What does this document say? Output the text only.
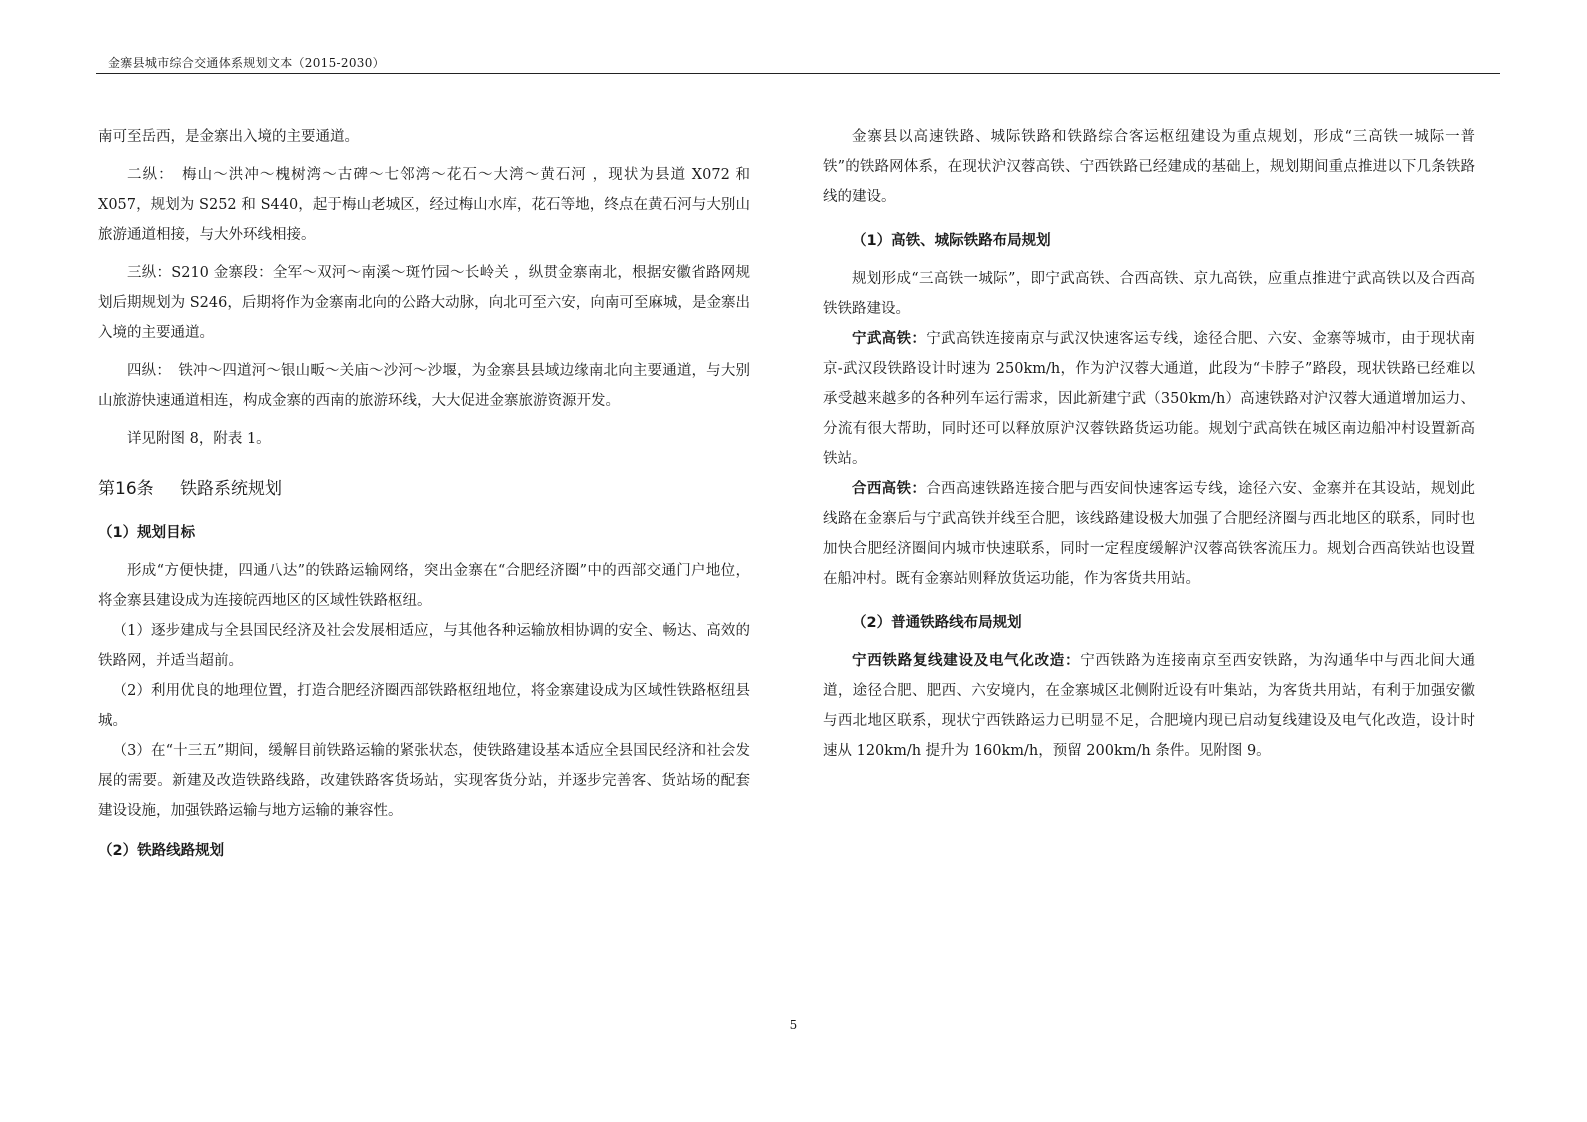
金寨县城市综合交通体系规划文本（2015-2030）

南可至岳西，是金寨出入境的主要通道。

二纵：　梅山～洪冲～槐树湾～古碑～七邻湾～花石～大湾～黄石河 ，现状为县道 X072 和 X057，规划为 S252 和 S440，起于梅山老城区，经过梅山水库，花石等地，终点在黄石河与大别山旅游通道相接，与大外环线相接。

三纵：S210 金寨段：全军～双河～南溪～斑竹园～长岭关 ，纵贯金寨南北，根据安徽省路网规划后期规划为 S246，后期将作为金寨南北向的公路大动脉，向北可至六安，向南可至麻城，是金寨出入境的主要通道。

四纵：　铁冲～四道河～银山畈～关庙～沙河～沙堰，为金寨县县域边缘南北向主要通道，与大别山旅游快速通道相连，构成金寨的西南的旅游环线，大大促进金寨旅游资源开发。

详见附图 8，附表 1。

第16条 铁路系统规划

（1）规划目标

形成“方便快捷，四通八达”的铁路运输网络，突出金寨在“合肥经济圈”中的西部交通门户地位，将金寨县建设成为连接皖西地区的区域性铁路枢纽。

（1）逐步建成与全县国民经济及社会发展相适应，与其他各种运输放相协调的安全、畅达、高效的铁路网，并适当超前。

（2）利用优良的地理位置，打造合肥经济圈西部铁路枢纽地位，将金寨建设成为区域性铁路枢纽县城。

（3）在“十三五”期间，缓解目前铁路运输的紧张状态，使铁路建设基本适应全县国民经济和社会发展的需要。新建及改造铁路线路，改建铁路客货场站，实现客货分站，并逐步完善客、货站场的配套建设设施，加强铁路运输与地方运输的兼容性。

（2）铁路线路规划

金寨县以高速铁路、城际铁路和铁路综合客运枢纽建设为重点规划，形成“三高铁一城际一普铁”的铁路网体系，在现状沪汉蓉高铁、宁西铁路已经建成的基础上，规划期间重点推进以下几条铁路线的建设。

（1）高铁、城际铁路布局规划

规划形成“三高铁一城际”，即宁武高铁、合西高铁、京九高铁，应重点推进宁武高铁以及合西高铁铁路建设。

宁武高铁：宁武高铁连接南京与武汉快速客运专线，途径合肥、六安、金寨等城市，由于现状南京-武汉段铁路设计时速为 250km/h，作为沪汉蓉大通道，此段为“卡脖子”路段，现状铁路已经难以承受越来越多的各种列车运行需求，因此新建宁武（350km/h）高速铁路对沪汉蓉大通道增加运力、分流有很大帮助，同时还可以释放原沪汉蓉铁路货运功能。规划宁武高铁在城区南边船冲村设置新高铁站。

合西高铁：合西高速铁路连接合肥与西安间快速客运专线，途径六安、金寨并在其设站，规划此线路在金寨后与宁武高铁并线至合肥，该线路建设极大加强了合肥经济圈与西北地区的联系，同时也加快合肥经济圈间内城市快速联系，同时一定程度缓解沪汉蓉高铁客流压力。规划合西高铁站也设置在船冲村。既有金寨站则释放货运功能，作为客货共用站。

（2）普通铁路线布局规划

宁西铁路复线建设及电气化改造：宁西铁路为连接南京至西安铁路，为沟通华中与西北间大通道，途径合肥、肥西、六安境内，在金寨城区北侧附近设有叶集站，为客货共用站，有利于加强安徽与西北地区联系，现状宁西铁路运力已明显不足，合肥境内现已启动复线建设及电气化改造，设计时速从 120km/h 提升为 160km/h，预留 200km/h 条件。见附图 9。

5
